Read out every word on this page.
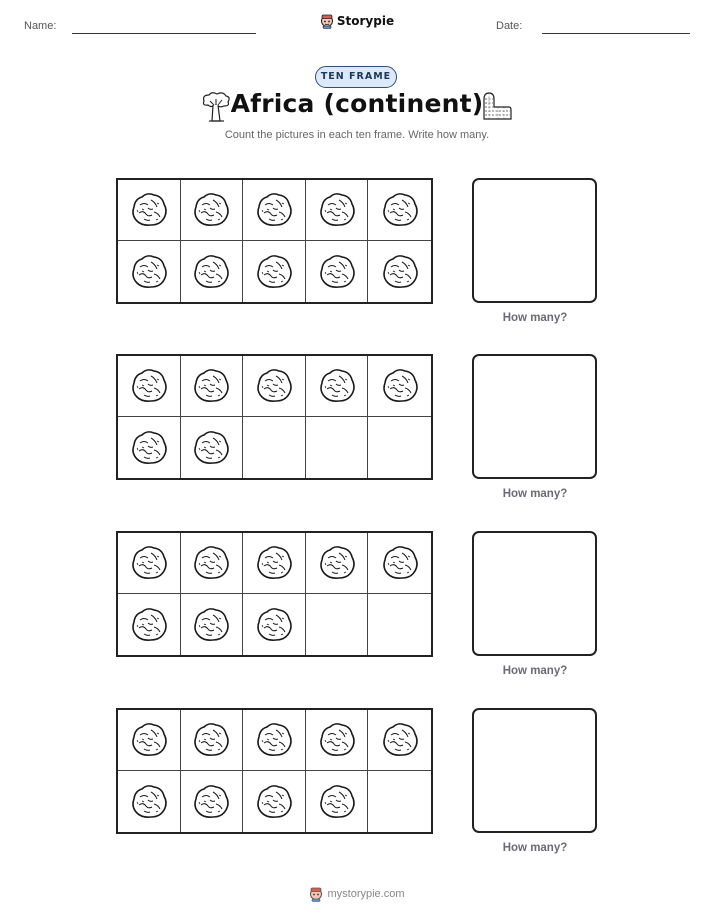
Name:	Storypie	Date:
TEN FRAME
Africa (continent)
Count the pictures in each ten frame. Write how many.
How many?
How many?
How many?
How many?
mystorypie.com
